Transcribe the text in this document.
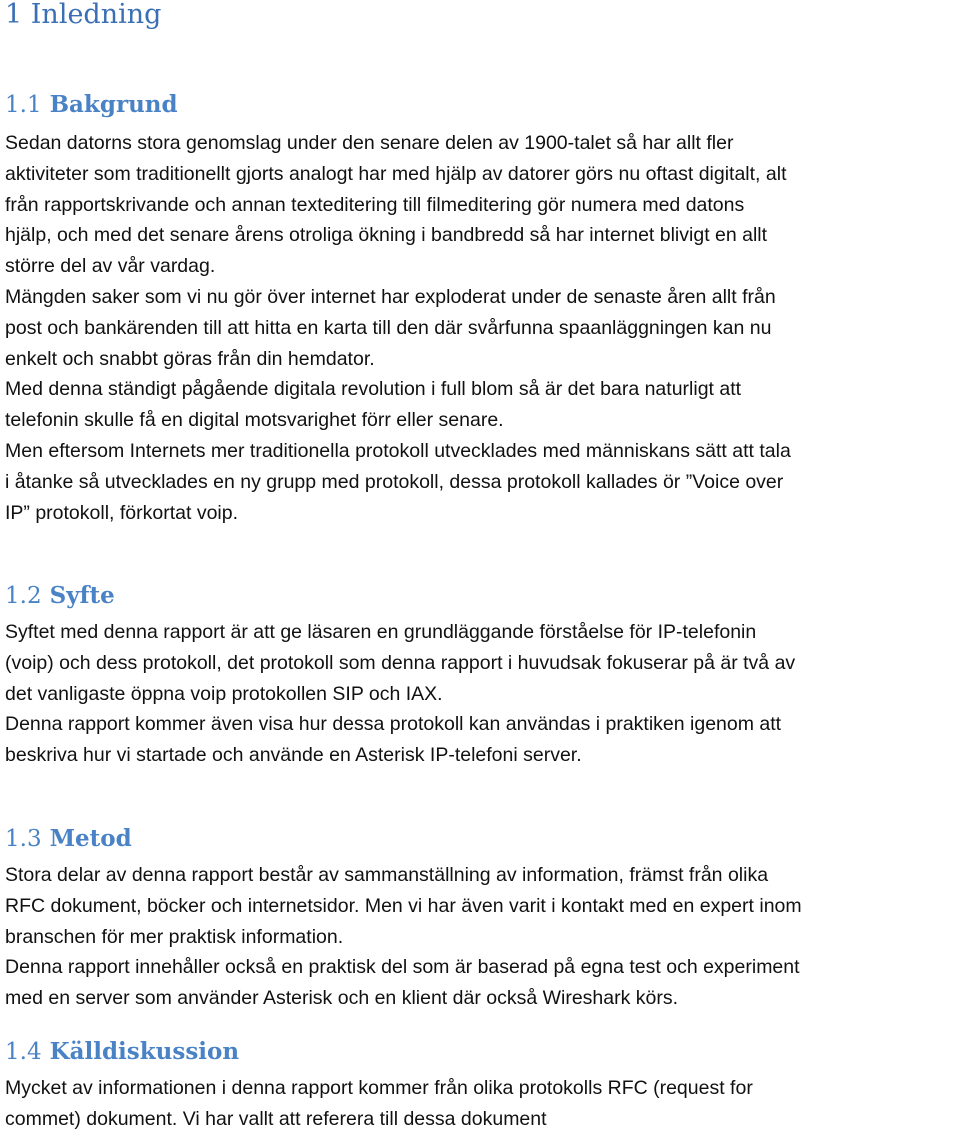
1 Inledning
1.1 Bakgrund
Sedan datorns stora genomslag under den senare delen av 1900-talet så har allt fler
aktiviteter som traditionellt gjorts analogt har med hjälp av datorer görs nu oftast digitalt, alt
från rapportskrivande och annan texteditering till filmeditering gör numera med datons
hjälp, och med det senare årens otroliga ökning i bandbredd så har internet blivigt en allt
större del av vår vardag.
Mängden saker som vi nu gör över internet har exploderat under de senaste åren allt från
post och bankärenden till att hitta en karta till den där svårfunna spaanläggningen kan nu
enkelt och snabbt göras från din hemdator.
Med denna ständigt pågående digitala revolution i full blom så är det bara naturligt att
telefonin skulle få en digital motsvarighet förr eller senare.
Men eftersom Internets mer traditionella protokoll utvecklades med människans sätt att tala
i åtanke så utvecklades en ny grupp med protokoll, dessa protokoll kallades ör ”Voice over
IP” protokoll, förkortat voip.
1.2 Syfte
Syftet med denna rapport är att ge läsaren en grundläggande förståelse för IP-telefonin
(voip) och dess protokoll, det protokoll som denna rapport i huvudsak fokuserar på är två av
det vanligaste öppna voip protokollen SIP och IAX.
Denna rapport kommer även visa hur dessa protokoll kan användas i praktiken igenom att
beskriva hur vi startade och använde en Asterisk IP-telefoni server.
1.3 Metod
Stora delar av denna rapport består av sammanställning av information, främst från olika
RFC dokument, böcker och internetsidor. Men vi har även varit i kontakt med en expert inom
branschen för mer praktisk information.
Denna rapport innehåller också en praktisk del som är baserad på egna test och experiment
med en server som använder Asterisk och en klient där också Wireshark körs.
1.4 Källdiskussion
Mycket av informationen i denna rapport kommer från olika protokolls RFC (request for
commet) dokument. Vi har vallt att referera till dessa dokument
